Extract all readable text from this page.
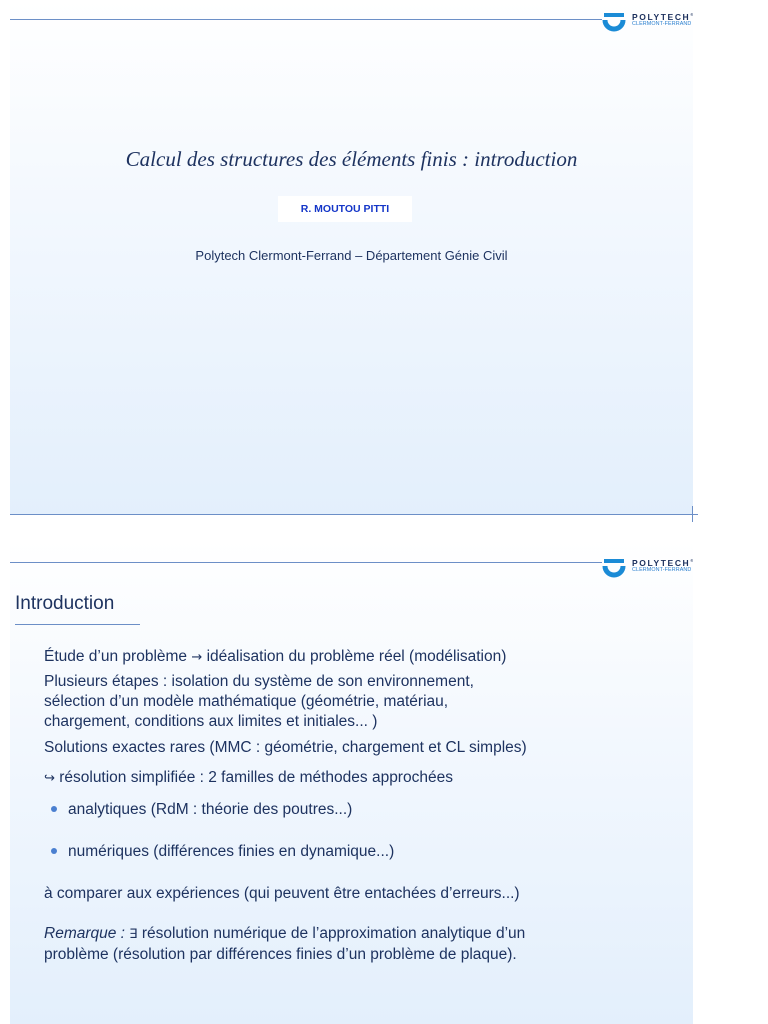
POLYTECH®
CLERMONT-FERRAND
Calcul des structures des éléments finis : introduction
R. MOUTOU PITTI
Polytech Clermont-Ferrand – Département Génie Civil
POLYTECH®
CLERMONT-FERRAND
Introduction

Étude d’un problème → idéalisation du problème réel (modélisation)

Plusieurs étapes : isolation du système de son environnement,
sélection d’un modèle mathématique (géométrie, matériau,
chargement, conditions aux limites et initiales... )

Solutions exactes rares (MMC : géométrie, chargement et CL simples)

↪ résolution simplifiée : 2 familles de méthodes approchées

analytiques (RdM : théorie des poutres...)
numériques (différences finies en dynamique...)

à comparer aux expériences (qui peuvent être entachées d’erreurs...)

Remarque : ∃ résolution numérique de l’approximation analytique d’un
problème (résolution par différences finies d’un problème de plaque).
